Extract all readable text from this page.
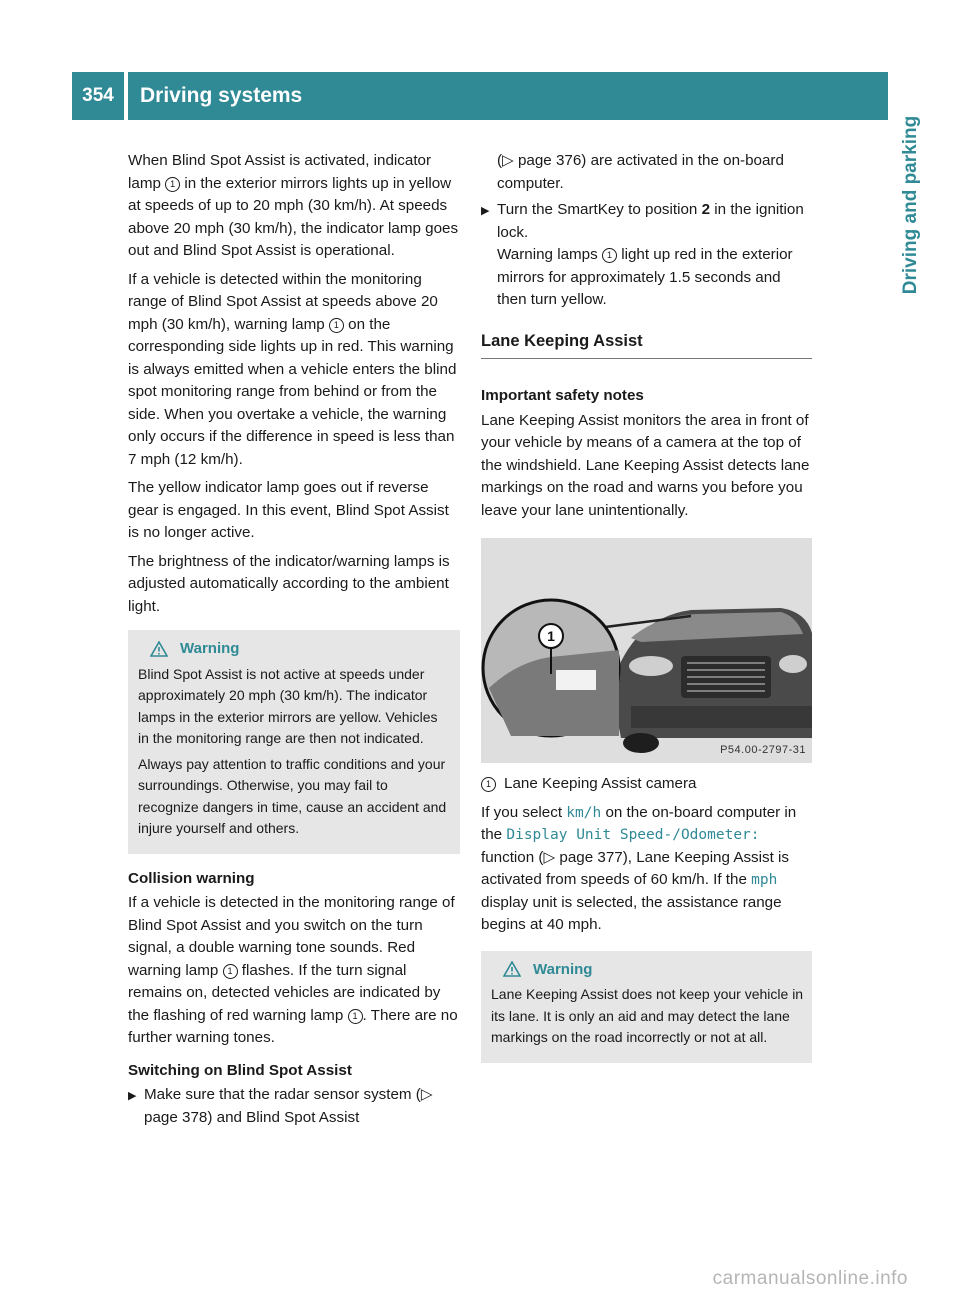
354	Driving systems
Driving and parking

When Blind Spot Assist is activated, indicator lamp 1 in the exterior mirrors lights up in yellow at speeds of up to 20 mph (30 km/h). At speeds above 20 mph (30 km/h), the indicator lamp goes out and Blind Spot Assist is operational.

If a vehicle is detected within the monitoring range of Blind Spot Assist at speeds above 20 mph (30 km/h), warning lamp 1 on the corresponding side lights up in red. This warning is always emitted when a vehicle enters the blind spot monitoring range from behind or from the side. When you overtake a vehicle, the warning only occurs if the difference in speed is less than 7 mph (12 km/h).

The yellow indicator lamp goes out if reverse gear is engaged. In this event, Blind Spot Assist is no longer active.

The brightness of the indicator/warning lamps is adjusted automatically according to the ambient light.

Warning

Blind Spot Assist is not active at speeds under approximately 20 mph (30 km/h). The indicator lamps in the exterior mirrors are yellow. Vehicles in the monitoring range are then not indicated.

Always pay attention to traffic conditions and your surroundings. Otherwise, you may fail to recognize dangers in time, cause an accident and injure yourself and others.

Collision warning

If a vehicle is detected in the monitoring range of Blind Spot Assist and you switch on the turn signal, a double warning tone sounds. Red warning lamp 1 flashes. If the turn signal remains on, detected vehicles are indicated by the flashing of red warning lamp 1 . There are no further warning tones.

Switching on Blind Spot Assist
▶ Make sure that the radar sensor system (▷ page 378) and Blind Spot Assist
(▷ page 376) are activated in the on-board computer.
▶ Turn the SmartKey to position 2 in the ignition lock.
Warning lamps 1 light up red in the exterior mirrors for approximately 1.5 seconds and then turn yellow.
Lane Keeping Assist
Important safety notes

Lane Keeping Assist monitors the area in front of your vehicle by means of a camera at the top of the windshield. Lane Keeping Assist detects lane markings on the road and warns you before you leave your lane unintentionally.

1
P54.00-2797-31
1 Lane Keeping Assist camera

If you select km/h on the on-board computer in the Display Unit Speed-/Odometer: function (▷ page 377), Lane Keeping Assist is activated from speeds of 60 km/h. If the mph display unit is selected, the assistance range begins at 40 mph.

Warning

Lane Keeping Assist does not keep your vehicle in its lane. It is only an aid and may detect the lane markings on the road incorrectly or not at all.

carmanualsonline.info
